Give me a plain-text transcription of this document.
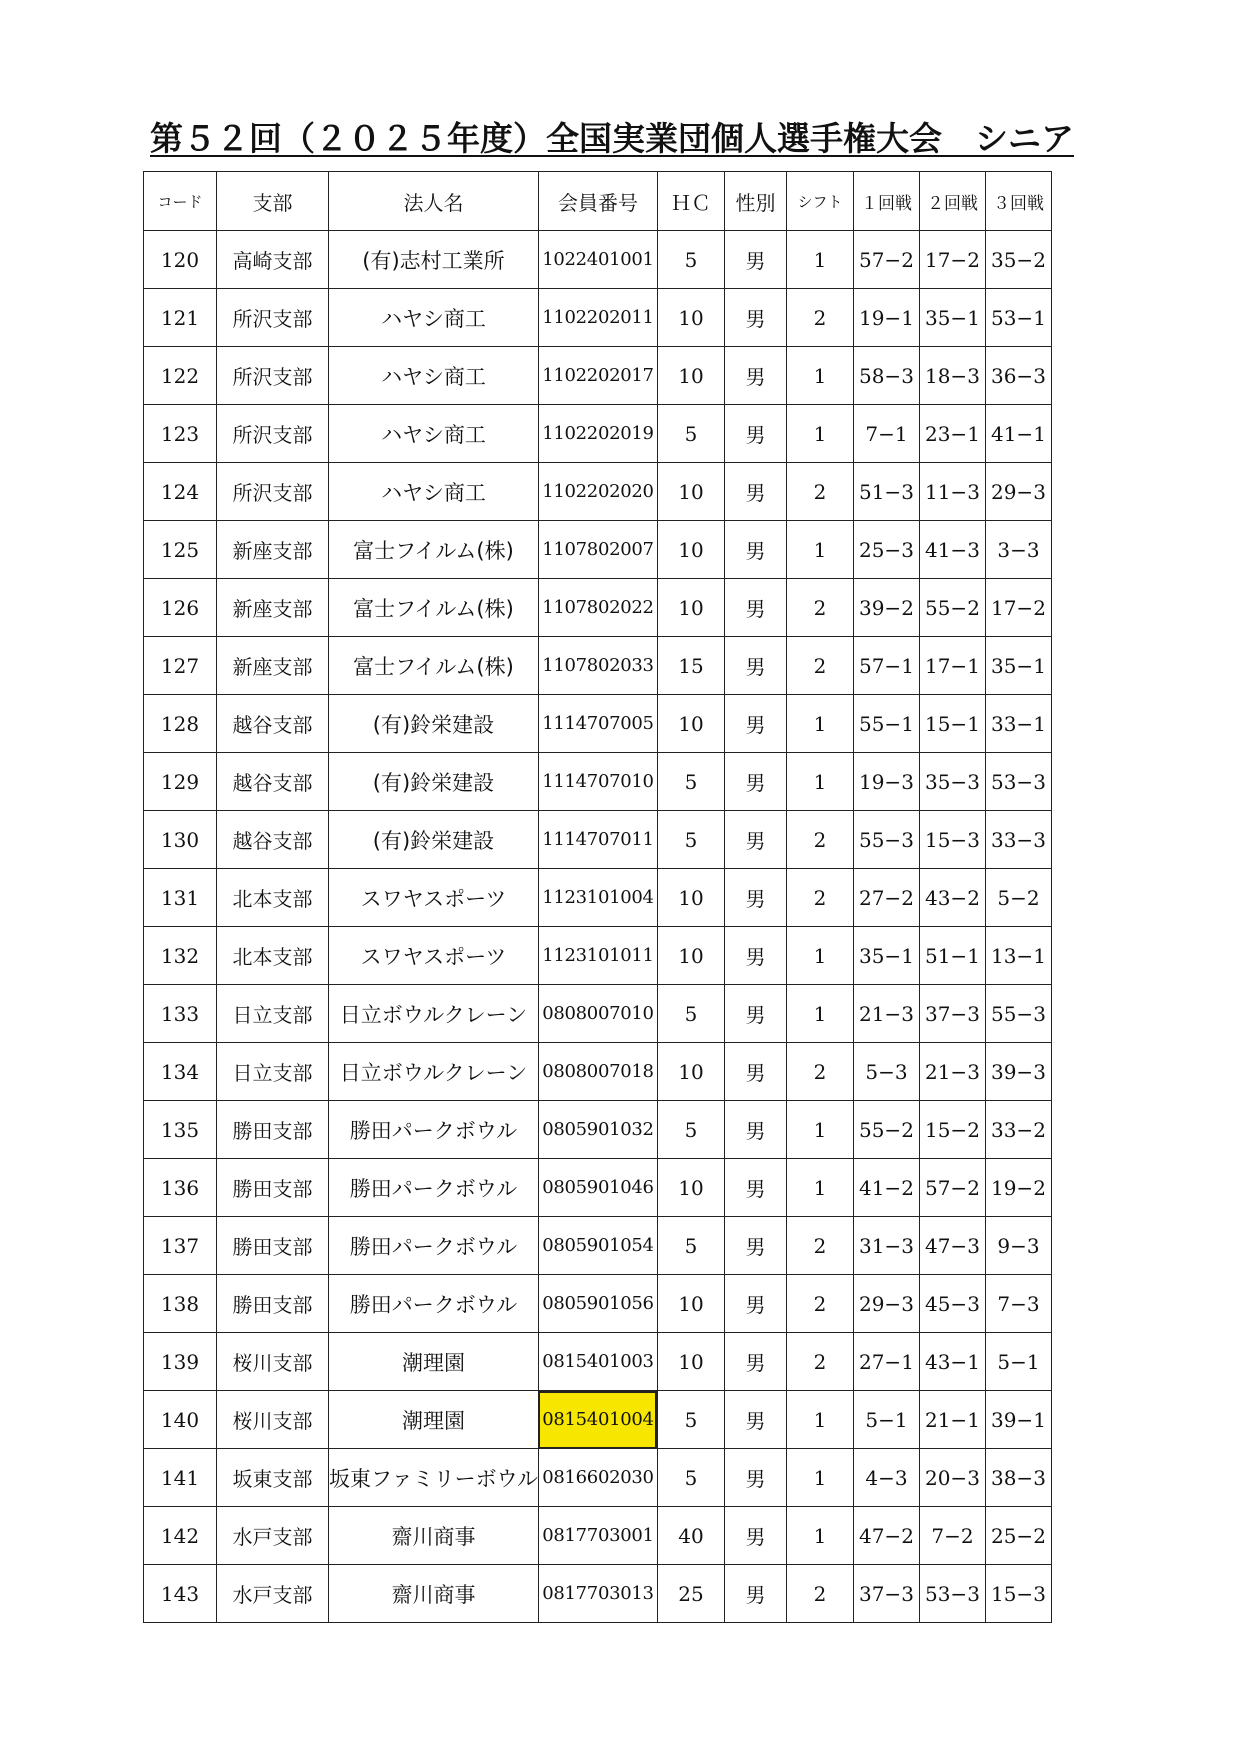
第５２回（２０２５年度）全国実業団個人選手権大会　シニア
コード	支部	法人名	会員番号	ＨＣ	性別	シフト	１回戦	２回戦	３回戦
120	高崎支部	(有)志村工業所	1022401001	5	男	1	57−2	17−2	35−2
121	所沢支部	ハヤシ商工	1102202011	10	男	2	19−1	35−1	53−1
122	所沢支部	ハヤシ商工	1102202017	10	男	1	58−3	18−3	36−3
123	所沢支部	ハヤシ商工	1102202019	5	男	1	7−1	23−1	41−1
124	所沢支部	ハヤシ商工	1102202020	10	男	2	51−3	11−3	29−3
125	新座支部	富士フイルム(株)	1107802007	10	男	1	25−3	41−3	3−3
126	新座支部	富士フイルム(株)	1107802022	10	男	2	39−2	55−2	17−2
127	新座支部	富士フイルム(株)	1107802033	15	男	2	57−1	17−1	35−1
128	越谷支部	(有)鈴栄建設	1114707005	10	男	1	55−1	15−1	33−1
129	越谷支部	(有)鈴栄建設	1114707010	5	男	1	19−3	35−3	53−3
130	越谷支部	(有)鈴栄建設	1114707011	5	男	2	55−3	15−3	33−3
131	北本支部	スワヤスポーツ	1123101004	10	男	2	27−2	43−2	5−2
132	北本支部	スワヤスポーツ	1123101011	10	男	1	35−1	51−1	13−1
133	日立支部	日立ボウルクレーン	0808007010	5	男	1	21−3	37−3	55−3
134	日立支部	日立ボウルクレーン	0808007018	10	男	2	5−3	21−3	39−3
135	勝田支部	勝田パークボウル	0805901032	5	男	1	55−2	15−2	33−2
136	勝田支部	勝田パークボウル	0805901046	10	男	1	41−2	57−2	19−2
137	勝田支部	勝田パークボウル	0805901054	5	男	2	31−3	47−3	9−3
138	勝田支部	勝田パークボウル	0805901056	10	男	2	29−3	45−3	7−3
139	桜川支部	潮理園	0815401003	10	男	2	27−1	43−1	5−1
140	桜川支部	潮理園	0815401004	5	男	1	5−1	21−1	39−1
141	坂東支部	坂東ファミリーボウル	0816602030	5	男	1	4−3	20−3	38−3
142	水戸支部	齋川商事	0817703001	40	男	1	47−2	7−2	25−2
143	水戸支部	齋川商事	0817703013	25	男	2	37−3	53−3	15−3
